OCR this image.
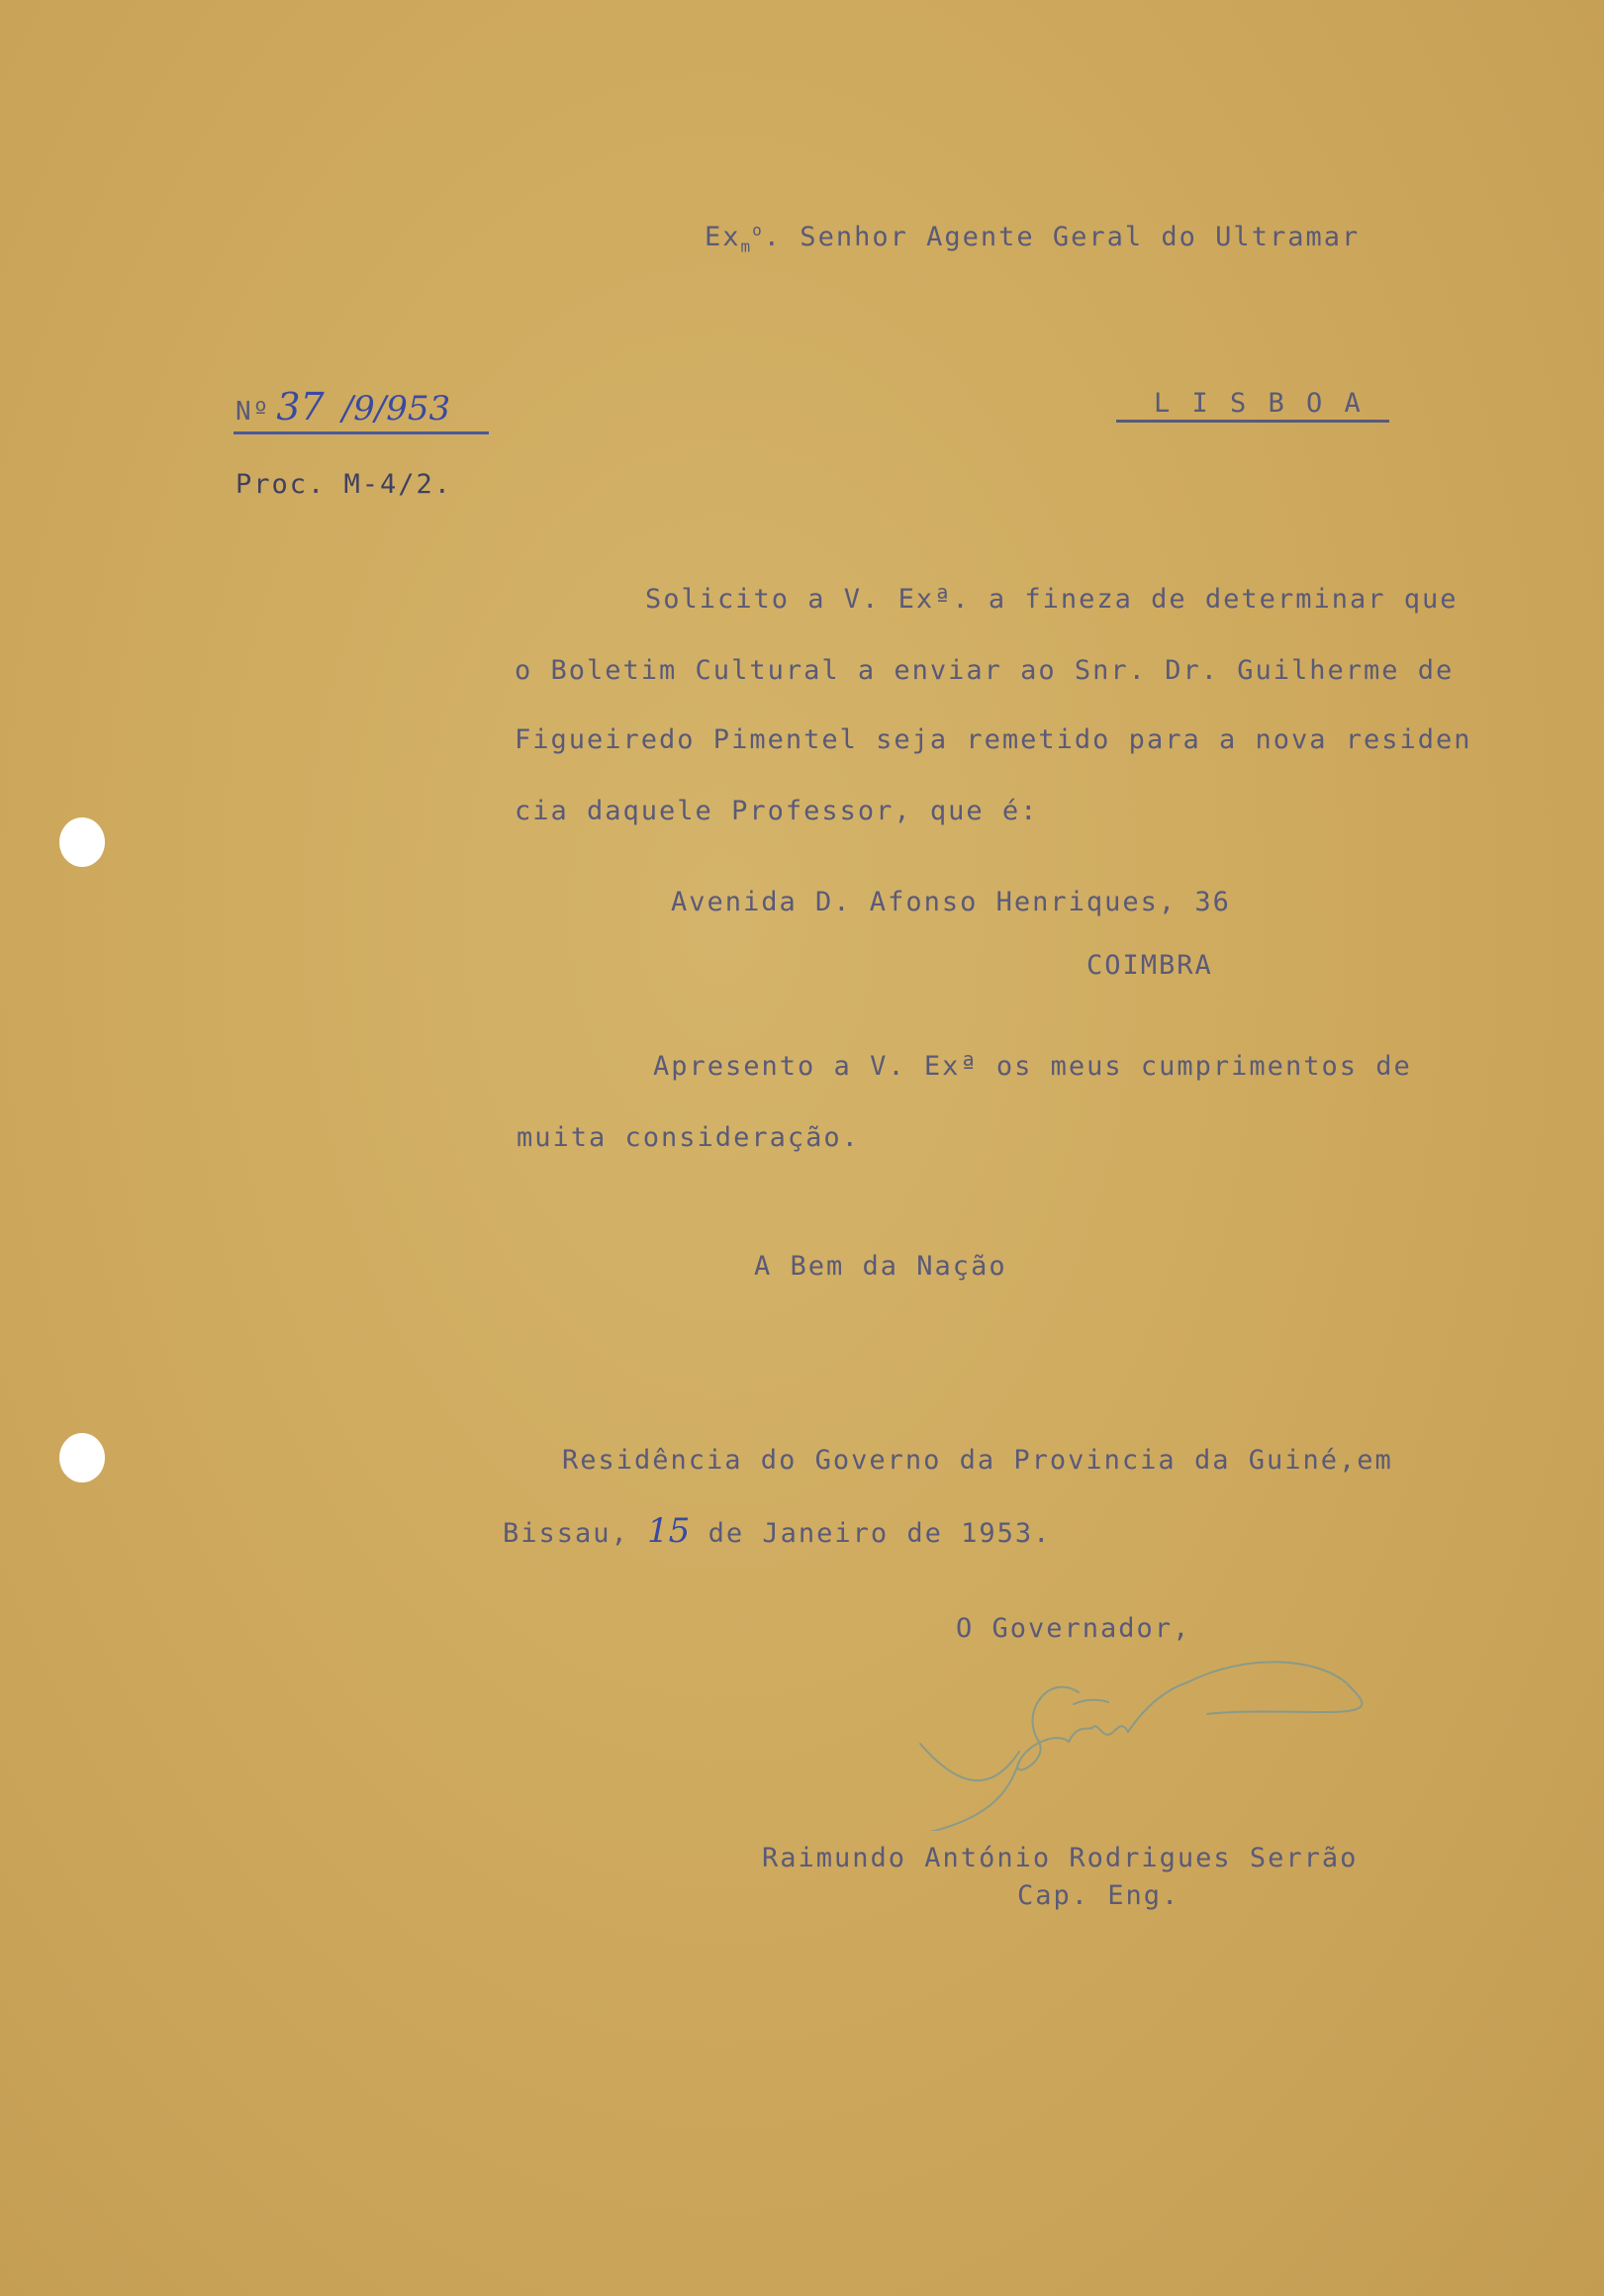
$Ex_m^o$. Senhor Agente Geral do Ultramar
Nº 37 /9/953	L I S B O A
Proc. M-4/2.
Solicito a V. Exª. a fineza de determinar que
o Boletim Cultural a enviar ao Snr. Dr. Guilherme de
Figueiredo Pimentel seja remetido para a nova residen
cia daquele Professor, que é:
Avenida D. Afonso Henriques, 36
COIMBRA
Apresento a V. Exª os meus cumprimentos de
muita consideração.
A Bem da Nação
Residência do Governo da Provincia da Guiné,em
Bissau, 15 de Janeiro de 1953.
O Governador,
Raimundo António Rodrigues Serrão
Cap. Eng.
